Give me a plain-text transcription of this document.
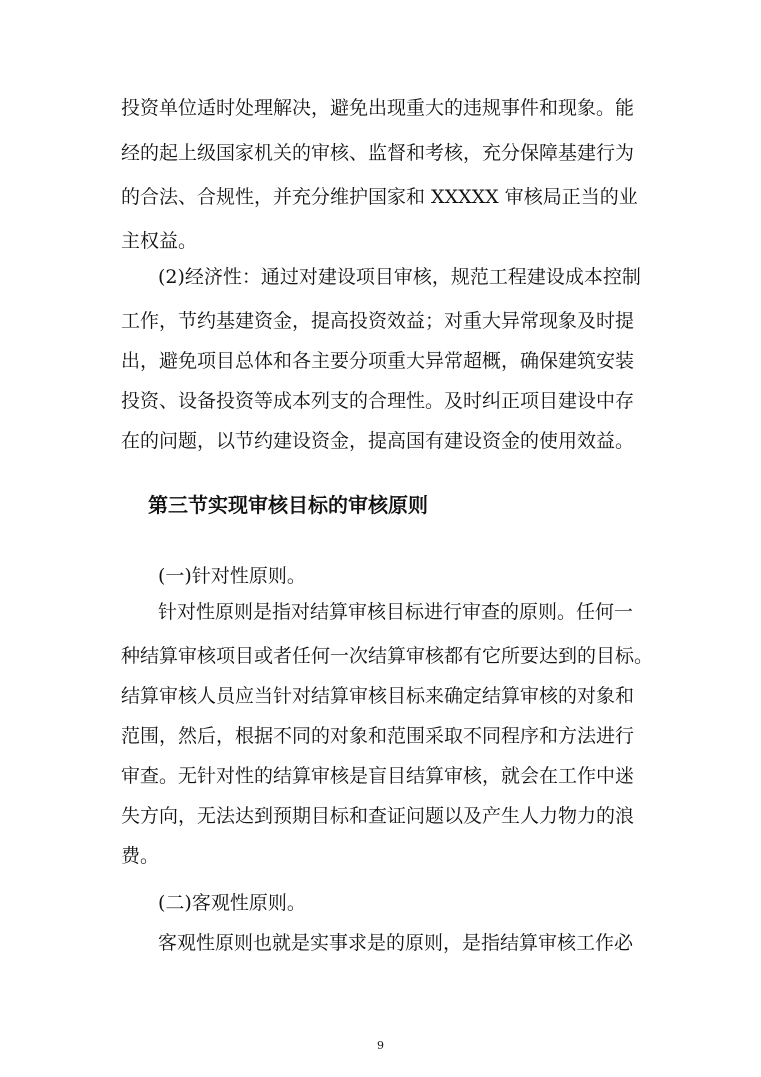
投资单位适时处理解决，避免出现重大的违规事件和现象。能
经的起上级国家机关的审核、监督和考核，充分保障基建行为
的合法、合规性，并充分维护国家和 XXXXX 审核局正当的业
主权益。
(2)经济性：通过对建设项目审核，规范工程建设成本控制
工作，节约基建资金，提高投资效益；对重大异常现象及时提
出，避免项目总体和各主要分项重大异常超概，确保建筑安装
投资、设备投资等成本列支的合理性。及时纠正项目建设中存
在的问题，以节约建设资金，提高国有建设资金的使用效益。
第三节实现审核目标的审核原则
(一)针对性原则。
针对性原则是指对结算审核目标进行审查的原则。任何一
种结算审核项目或者任何一次结算审核都有它所要达到的目标。
结算审核人员应当针对结算审核目标来确定结算审核的对象和
范围，然后，根据不同的对象和范围采取不同程序和方法进行
审查。无针对性的结算审核是盲目结算审核，就会在工作中迷
失方向，无法达到预期目标和查证问题以及产生人力物力的浪
费。
(二)客观性原则。
客观性原则也就是实事求是的原则，是指结算审核工作必
9
